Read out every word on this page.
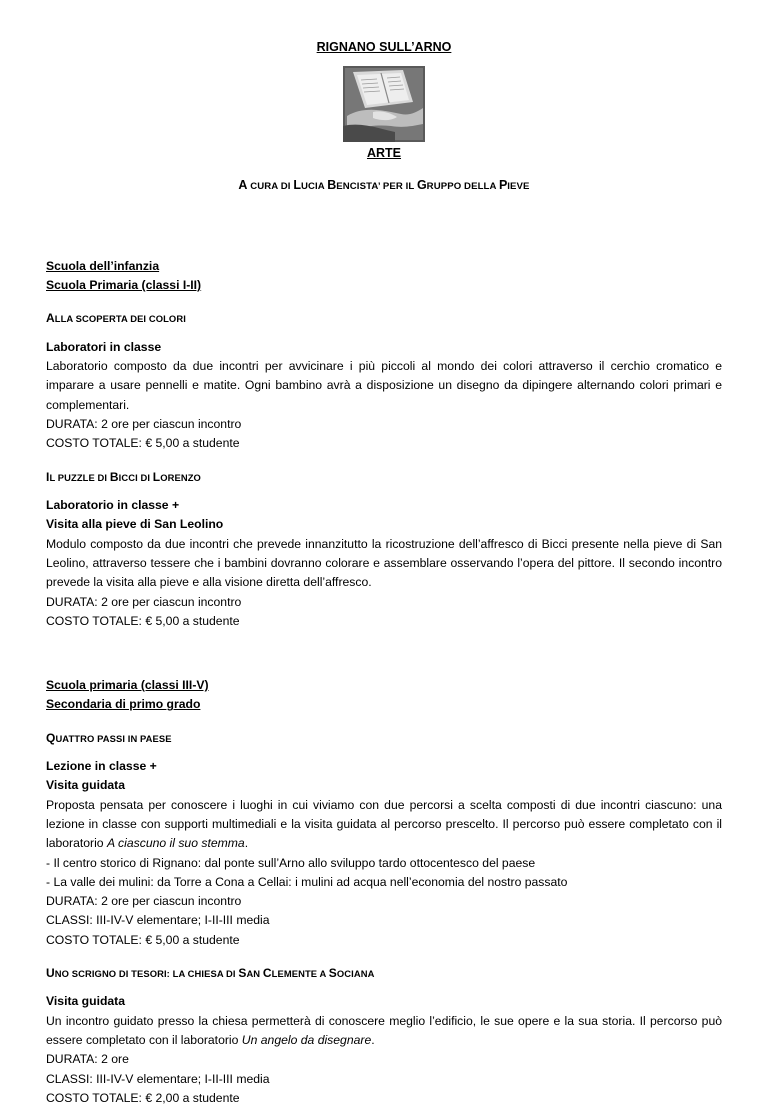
RIGNANO SULL’ARNO

ARTE

A CURA DI LUCIA BENCISTA’ PER IL GRUPPO DELLA PIEVE

Scuola dell’infanzia

Scuola Primaria (classi I-II)

ALLA SCOPERTA DEI COLORI

Laboratori in classe

Laboratorio composto da due incontri per avvicinare i più piccoli al mondo dei colori attraverso il cerchio cromatico e imparare a usare pennelli e matite. Ogni bambino avrà a disposizione un disegno da dipingere alternando colori primari e complementari.

DURATA: 2 ore per ciascun incontro

COSTO TOTALE: € 5,00 a studente

IL PUZZLE DI BICCI DI LORENZO

Laboratorio in classe +

Visita alla pieve di San Leolino

Modulo composto da due incontri che prevede innanzitutto la ricostruzione dell’affresco di Bicci presente nella pieve di San Leolino, attraverso tessere che i bambini dovranno colorare e assemblare osservando l’opera del pittore. Il secondo incontro prevede la visita alla pieve e alla visione diretta dell’affresco.

DURATA: 2 ore per ciascun incontro

COSTO TOTALE: € 5,00 a studente

Scuola primaria (classi III-V)

Secondaria di primo grado

QUATTRO PASSI IN PAESE

Lezione in classe +

Visita guidata

Proposta pensata per conoscere i luoghi in cui viviamo con due percorsi a scelta composti di due incontri ciascuno: una lezione in classe con supporti multimediali e la visita guidata al percorso prescelto. Il percorso può essere completato con il laboratorio A ciascuno il suo stemma.

- Il centro storico di Rignano: dal ponte sull’Arno allo sviluppo tardo ottocentesco del paese

- La valle dei mulini: da Torre a Cona a Cellai: i mulini ad acqua nell’economia del nostro passato

DURATA: 2 ore per ciascun incontro

CLASSI: III-IV-V elementare; I-II-III media

COSTO TOTALE: € 5,00 a studente

UNO SCRIGNO DI TESORI: LA CHIESA DI SAN CLEMENTE A SOCIANA

Visita guidata

Un incontro guidato presso la chiesa permetterà di conoscere meglio l’edificio, le sue opere e la sua storia. Il percorso può essere completato con il laboratorio Un angelo da disegnare.

DURATA: 2 ore

CLASSI: III-IV-V elementare; I-II-III media

COSTO TOTALE: € 2,00 a studente
